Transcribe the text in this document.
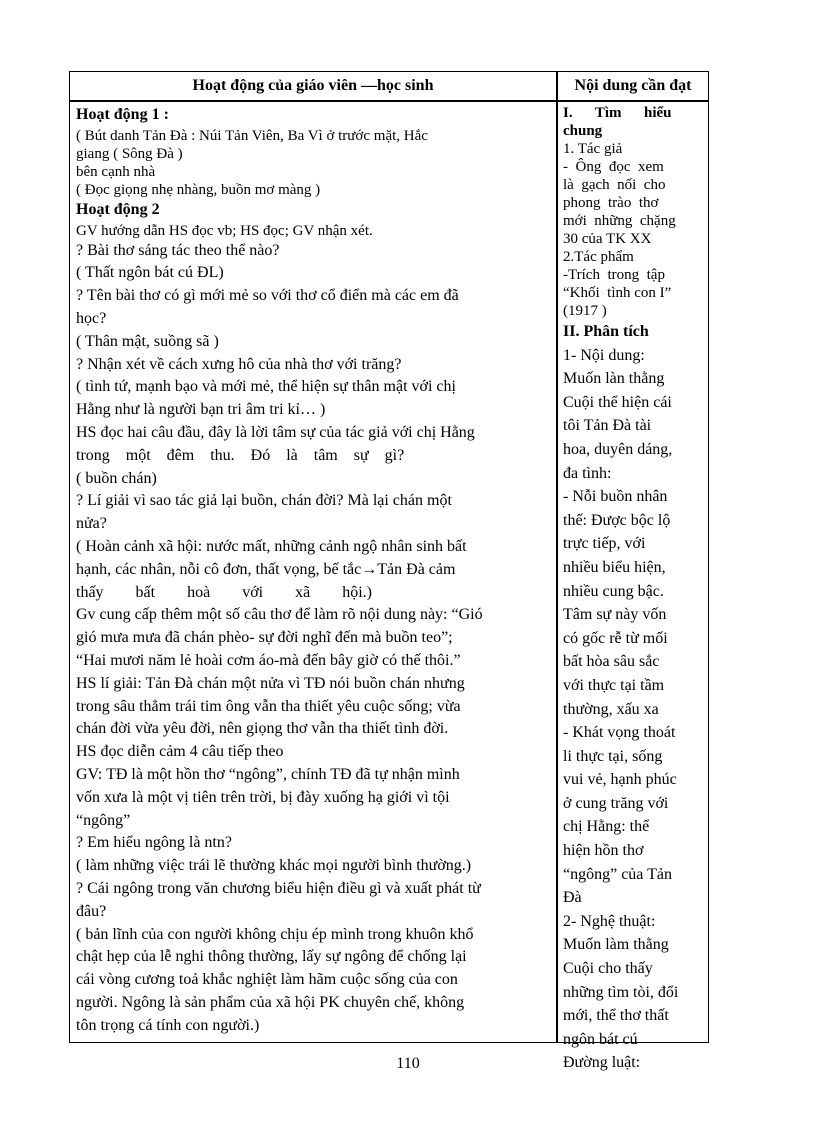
Hoạt động của giáo viên —học sinh	Nội dung cần đạt
Hoạt động 1 :
( Bút danh Tản Đà : Núi Tản Viên, Ba Vì ở trước mặt, Hắc
giang ( Sông Đà )
bên cạnh nhà
( Đọc giọng nhẹ nhàng, buồn mơ màng )
Hoạt động 2
GV hướng dẫn HS đọc vb; HS đọc; GV nhận xét.
? Bài thơ sáng tác theo thể nào?
( Thất ngôn bát cú ĐL)
? Tên bài thơ có gì mới mẻ so với thơ cổ điển mà các em đã
học?
( Thân mật, suồng sã )
? Nhận xét về cách xưng hô của nhà thơ với trăng?
( tình tứ, mạnh bạo và mới mẻ, thể hiện sự thân mật với chị
Hằng như là người bạn tri âm tri kỉ… )
HS đọc hai câu đầu, đây là lời tâm sự của tác giả với chị Hằng
trong    một    đêm    thu.    Đó    là    tâm    sự    gì?
( buồn chán)
? Lí giải vì sao tác giả lại buồn, chán đời? Mà lại chán một
nửa?
( Hoàn cảnh xã hội: nước mất, những cảnh ngộ nhân sinh bất
hạnh, các nhân, nỗi cô đơn, thất vọng, bế tắc→Tản Đà cảm
thấy        bất        hoà        với        xã        hội.)
Gv cung cấp thêm một số câu thơ để làm rõ nội dung này: “Gió
gió mưa mưa đã chán phèo- sự đời nghĩ đến mà buồn teo”;
“Hai mươi năm lẻ hoài cơm áo-mà đến bây giờ có thế thôi.”
HS lí giải: Tản Đà chán một nửa vì TĐ nói buồn chán nhưng
trong sâu thẳm trái tim ông vẫn tha thiết yêu cuộc sống; vừa
chán đời vừa yêu đời, nên giọng thơ vẫn tha thiết tình đời.
HS đọc diễn cảm 4 câu tiếp theo
GV: TĐ là một hồn thơ “ngông”, chính TĐ đã tự nhận mình
vốn xưa là một vị tiên trên trời, bị đày xuống hạ giới vì tội
“ngông”
? Em hiểu ngông là ntn?
( làm những việc trái lẽ thường khác mọi người bình thường.)
? Cái ngông trong văn chương biểu hiện điều gì và xuất phát từ
đâu?
( bản lĩnh của con người không chịu ép mình trong khuôn khổ
chật hẹp của lễ nghi thông thường, lấy sự ngông để chống lại
cái vòng cương toả khắc nghiệt làm hãm cuộc sống của con
người. Ngông là sản phẩm của xã hội PK chuyên chế, không
tôn trọng cá tính con người.)
I.      Tìm      hiểu
chung
1. Tác giả
-  Ông  đọc  xem
là  gạch  nối  cho
phong  trào  thơ
mới  những  chặng
30 của TK XX
2.Tác phẩm
-Trích  trong  tập
“Khối  tình con I”
(1917 )
II. Phân tích
1- Nội dung:
Muốn làn thằng
Cuội thể hiện cái
tôi Tản Đà tài
hoa, duyên dáng,
đa tình:
- Nỗi buồn nhân
thế: Được bộc lộ
trực tiếp, với
nhiều biểu hiện,
nhiều cung bậc.
Tâm sự này vốn
có gốc rễ từ mối
bất hòa sâu sắc
với thực tại tầm
thường, xấu xa
- Khát vọng thoát
li thực tại, sống
vui vẻ, hạnh phúc
ở cung trăng với
chị Hằng: thể
hiện hồn thơ
“ngông” của Tản
Đà
2- Nghệ thuật:
Muốn làm thằng
Cuội cho thấy
những tìm tòi, đổi
mới, thể thơ thất
ngôn bát cú
Đường luật:
110
